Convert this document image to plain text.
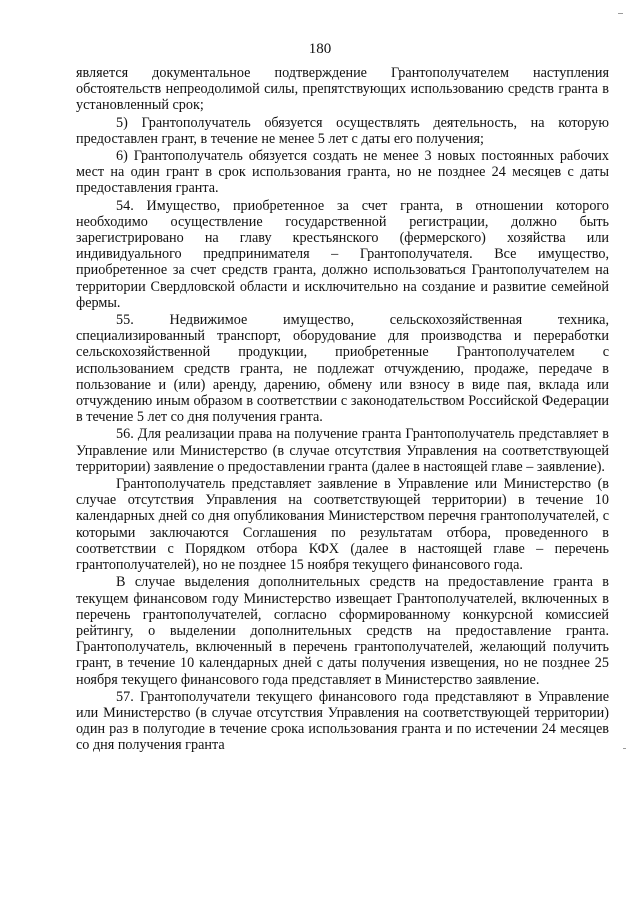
180

является документальное подтверждение Грантополучателем наступления обстоятельств непреодолимой силы, препятствующих использованию средств гранта в установленный срок;

5) Грантополучатель обязуется осуществлять деятельность, на которую предоставлен грант, в течение не менее 5 лет с даты его получения;

6) Грантополучатель обязуется создать не менее 3 новых постоянных рабочих мест на один грант в срок использования гранта, но не позднее 24 месяцев с даты предоставления гранта.

54. Имущество, приобретенное за счет гранта, в отношении которого необходимо осуществление государственной регистрации, должно быть зарегистрировано на главу крестьянского (фермерского) хозяйства или индивидуального предпринимателя – Грантополучателя. Все имущество, приобретенное за счет средств гранта, должно использоваться Грантополучателем на территории Свердловской области и исключительно на создание и развитие семейной фермы.

55. Недвижимое имущество, сельскохозяйственная техника, специализированный транспорт, оборудование для производства и переработки сельскохозяйственной продукции, приобретенные Грантополучателем с использованием средств гранта, не подлежат отчуждению, продаже, передаче в пользование и (или) аренду, дарению, обмену или взносу в виде пая, вклада или отчуждению иным образом в соответствии с законодательством Российской Федерации в течение 5 лет со дня получения гранта.

56. Для реализации права на получение гранта Грантополучатель представляет в Управление или Министерство (в случае отсутствия Управления на соответствующей территории) заявление о предоставлении гранта (далее в настоящей главе – заявление).

Грантополучатель представляет заявление в Управление или Министерство (в случае отсутствия Управления на соответствующей территории) в течение 10 календарных дней со дня опубликования Министерством перечня грантополучателей, с которыми заключаются Соглашения по результатам отбора, проведенного в соответствии с Порядком отбора КФХ (далее в настоящей главе – перечень грантополучателей), но не позднее 15 ноября текущего финансового года.

В случае выделения дополнительных средств на предоставление гранта в текущем финансовом году Министерство извещает Грантополучателей, включенных в перечень грантополучателей, согласно сформированному конкурсной комиссией рейтингу, о выделении дополнительных средств на предоставление гранта. Грантополучатель, включенный в перечень грантополучателей, желающий получить грант, в течение 10 календарных дней с даты получения извещения, но не позднее 25 ноября текущего финансового года представляет в Министерство заявление.

57. Грантополучатели текущего финансового года представляют в Управление или Министерство (в случае отсутствия Управления на соответствующей территории) один раз в полугодие в течение срока использования гранта и по истечении 24 месяцев со дня получения гранта
